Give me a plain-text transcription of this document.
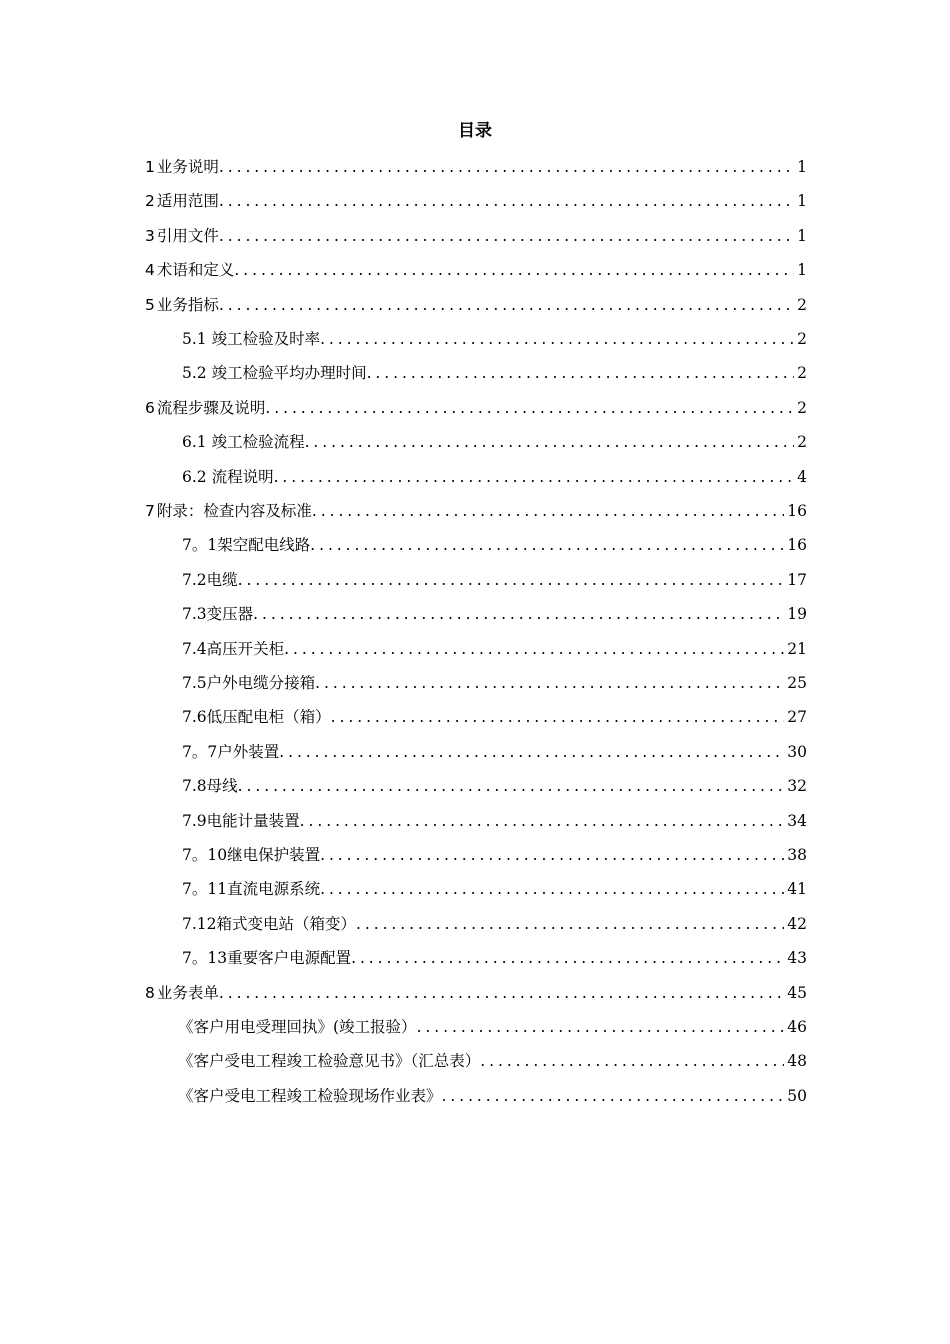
目录
1 业务说明 . . .	1
2 适用范围 . . .	1
3 引用文件 . . .	1
4 术语和定义 . . .	1
5 业务指标 . . .	2
5.1 竣工检验及时率 . . .	2
5.2 竣工检验平均办理时间 . . .	2
6 流程步骤及说明 . . .	2
6.1 竣工检验流程 . . .	2
6.2 流程说明 . . .	4
7 附录：检查内容及标准 . . .	16
7。1架空配电线路 . . .	16
7.2电缆 . . .	17
7.3变压器 . . .	19
7.4高压开关柜 . . .	21
7.5户外电缆分接箱 . . .	25
7.6低压配电柜（箱） . . .	27
7。7户外装置 . . .	30
7.8母线 . . .	32
7.9电能计量装置 . . .	34
7。10继电保护装置 . . .	38
7。11直流电源系统 . . .	41
7.12箱式变电站（箱变） . . .	42
7。13重要客户电源配置 . . .	43
8 业务表单 . . .	45
《客户用电受理回执》(竣工报验） . . .	46
《客户受电工程竣工检验意见书》（汇总表） . . .	48
《客户受电工程竣工检验现场作业表》 . . .	50
